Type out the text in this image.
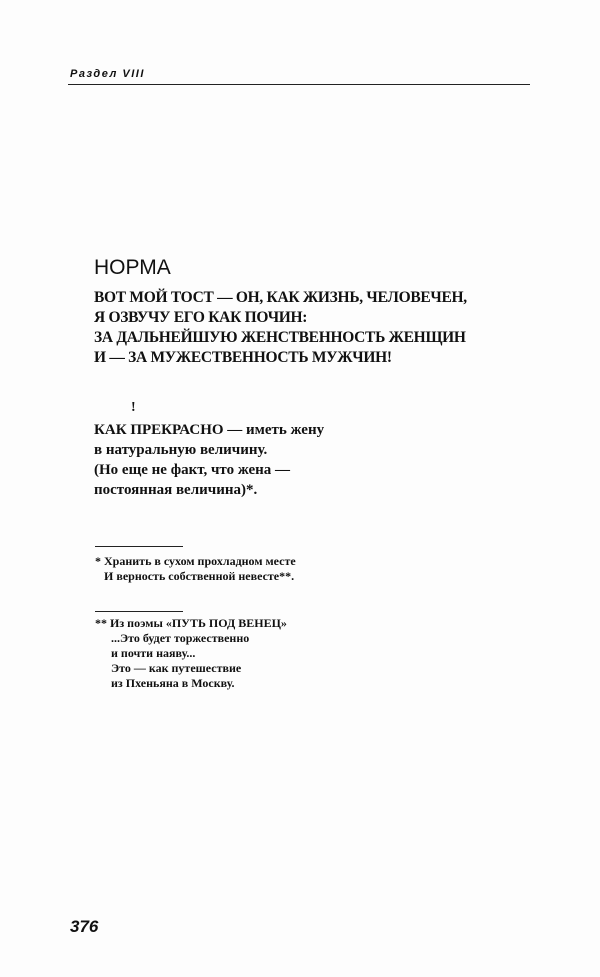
Раздел VIII
НОРМА
ВОТ МОЙ ТОСТ — ОН, КАК ЖИЗНЬ, ЧЕЛОВЕЧЕН,
Я ОЗВУЧУ ЕГО КАК ПОЧИН:
ЗА ДАЛЬНЕЙШУЮ ЖЕНСТВЕННОСТЬ ЖЕНЩИН
И — ЗА МУЖЕСТВЕННОСТЬ МУЖЧИН!
!
КАК ПРЕКРАСНО — иметь жену
в натуральную величину.
(Но еще не факт, что жена —
постоянная величина)*.
* Хранить в сухом прохладном месте
И верность собственной невесте**.
** Из поэмы «ПУТЬ ПОД ВЕНЕЦ»
...Это будет торжественно
и почти наяву...
Это — как путешествие
из Пхеньяна в Москву.
376
